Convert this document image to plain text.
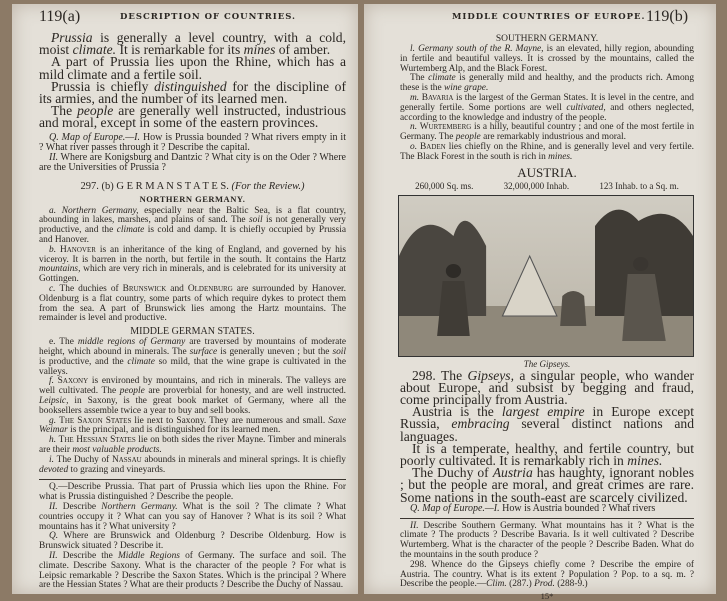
119(a)	DESCRIPTION OF COUNTRIES.

Prussia is generally a level country, with a cold, moist climate. It is remarkable for its mines of amber.

A part of Prussia lies upon the Rhine, which has a mild climate and a fertile soil.

Prussia is chiefly distinguished for the discipline of its armies, and the number of its learned men.

The people are generally well instructed, industrious and moral, except in some of the eastern provinces.

Q. Map of Europe.—I. How is Prussia bounded ? What rivers empty in it ? What river passes through it ? Describe the capital.

II. Where are Konigsburg and Dantzic ? What city is on the Oder ? Where are the Universities of Prussia ?

297. (b) G E R M A N S T A T E S. (For the Review.)
NORTHERN GERMANY.

a. Northern Germany, especially near the Baltic Sea, is a flat country, abounding in lakes, marshes, and plains of sand. The soil is not generally very productive, and the climate is cold and damp. It is chiefly occupied by Prussia and Hanover.

b. Hanover is an inheritance of the king of England, and governed by his viceroy. It is barren in the north, but fertile in the south. It contains the Hartz mountains, which are very rich in minerals, and is celebrated for its university at Gottingen.

c. The duchies of Brunswick and Oldenburg are surrounded by Hanover. Oldenburg is a flat country, some parts of which require dykes to protect them from the sea. A part of Brunswick lies among the Hartz mountains. The remainder is level and productive.

MIDDLE GERMAN STATES.

e. The middle regions of Germany are traversed by mountains of moderate height, which abound in minerals. The surface is generally uneven ; but the soil is productive, and the climate so mild, that the wine grape is cultivated in the valleys.

f. Saxony is environed by mountains, and rich in minerals. The valleys are well cultivated. The people are proverbial for honesty, and are well instructed. Leipsic, in Saxony, is the great book market of Germany, where all the booksellers assemble twice a year to buy and sell books.

g. The Saxon States lie next to Saxony. They are numerous and small. Saxe Weimar is the principal, and is distinguished for its learned men.

h. The Hessian States lie on both sides the river Mayne. Timber and minerals are their most valuable products.

i. The Duchy of Nassau abounds in minerals and mineral springs. It is chiefly devoted to grazing and vineyards.

Q.—Describe Prussia. That part of Prussia which lies upon the Rhine. For what is Prussia distinguished ? Describe the people.

II. Describe Northern Germany. What is the soil ? The climate ? What countries occupy it ? What can you say of Hanover ? What is its soil ? What mountains has it ? What university ?

Q. Where are Brunswick and Oldenburg ? Describe Oldenburg. How is Brunswick situated ? Describe it.

II. Describe the Middle Regions of Germany. The surface and soil. The climate. Describe Saxony. What is the character of the people ? For what is Leipsic remarkable ? Describe the Saxon States. Which is the principal ? Where are the Hessian States ? What are their products ? Describe the Duchy of Nassau.

MIDDLE COUNTRIES OF EUROPE. 119(b)
SOUTHERN GERMANY.

l. Germany south of the R. Mayne, is an elevated, hilly region, abounding in fertile and beautiful valleys. It is crossed by the mountains, called the Wurtemberg Alp, and the Black Forest.

The climate is generally mild and healthy, and the products rich. Among these is the wine grape.

m. Bavaria is the largest of the German States. It is level in the centre, and generally fertile. Some portions are well cultivated, and others neglected, according to the knowledge and industry of the people.

n. Wurtemberg is a hilly, beautiful country ; and one of the most fertile in Germany. The people are remarkably industrious and moral.

o. Baden lies chiefly on the Rhine, and is generally level and very fertile. The Black Forest in the south is rich in mines.

AUSTRIA.
260,000 Sq. ms.	32,000,000 Inhab.	123 Inhab. to a Sq. m.
The Gipseys.

298. The Gipseys, a singular people, who wander about Europe, and subsist by begging and fraud, come principally from Austria.

Austria is the largest empire in Europe except Russia, embracing several distinct nations and languages.

It is a temperate, healthy, and fertile country, but poorly cultivated. It is remarkably rich in mines.

The Duchy of Austria has haughty, ignorant nobles ; but the people are moral, and great crimes are rare. Some nations in the south-east are scarcely civilized.

Q. Map of Europe.—I. How is Austria bounded ? What rivers

II. Describe Southern Germany. What mountains has it ? What is the climate ? The products ? Describe Bavaria. Is it well cultivated ? Describe Wurtemberg. What is the character of the people ? Describe Baden. What do the mountains in the south produce ?

298. Whence do the Gipseys chiefly come ? Describe the empire of Austria. The country. What is its extent ? Population ? Pop. to a sq. m. ? Describe the people.—Clim. (287.) Prod. (288-9.)

15*
